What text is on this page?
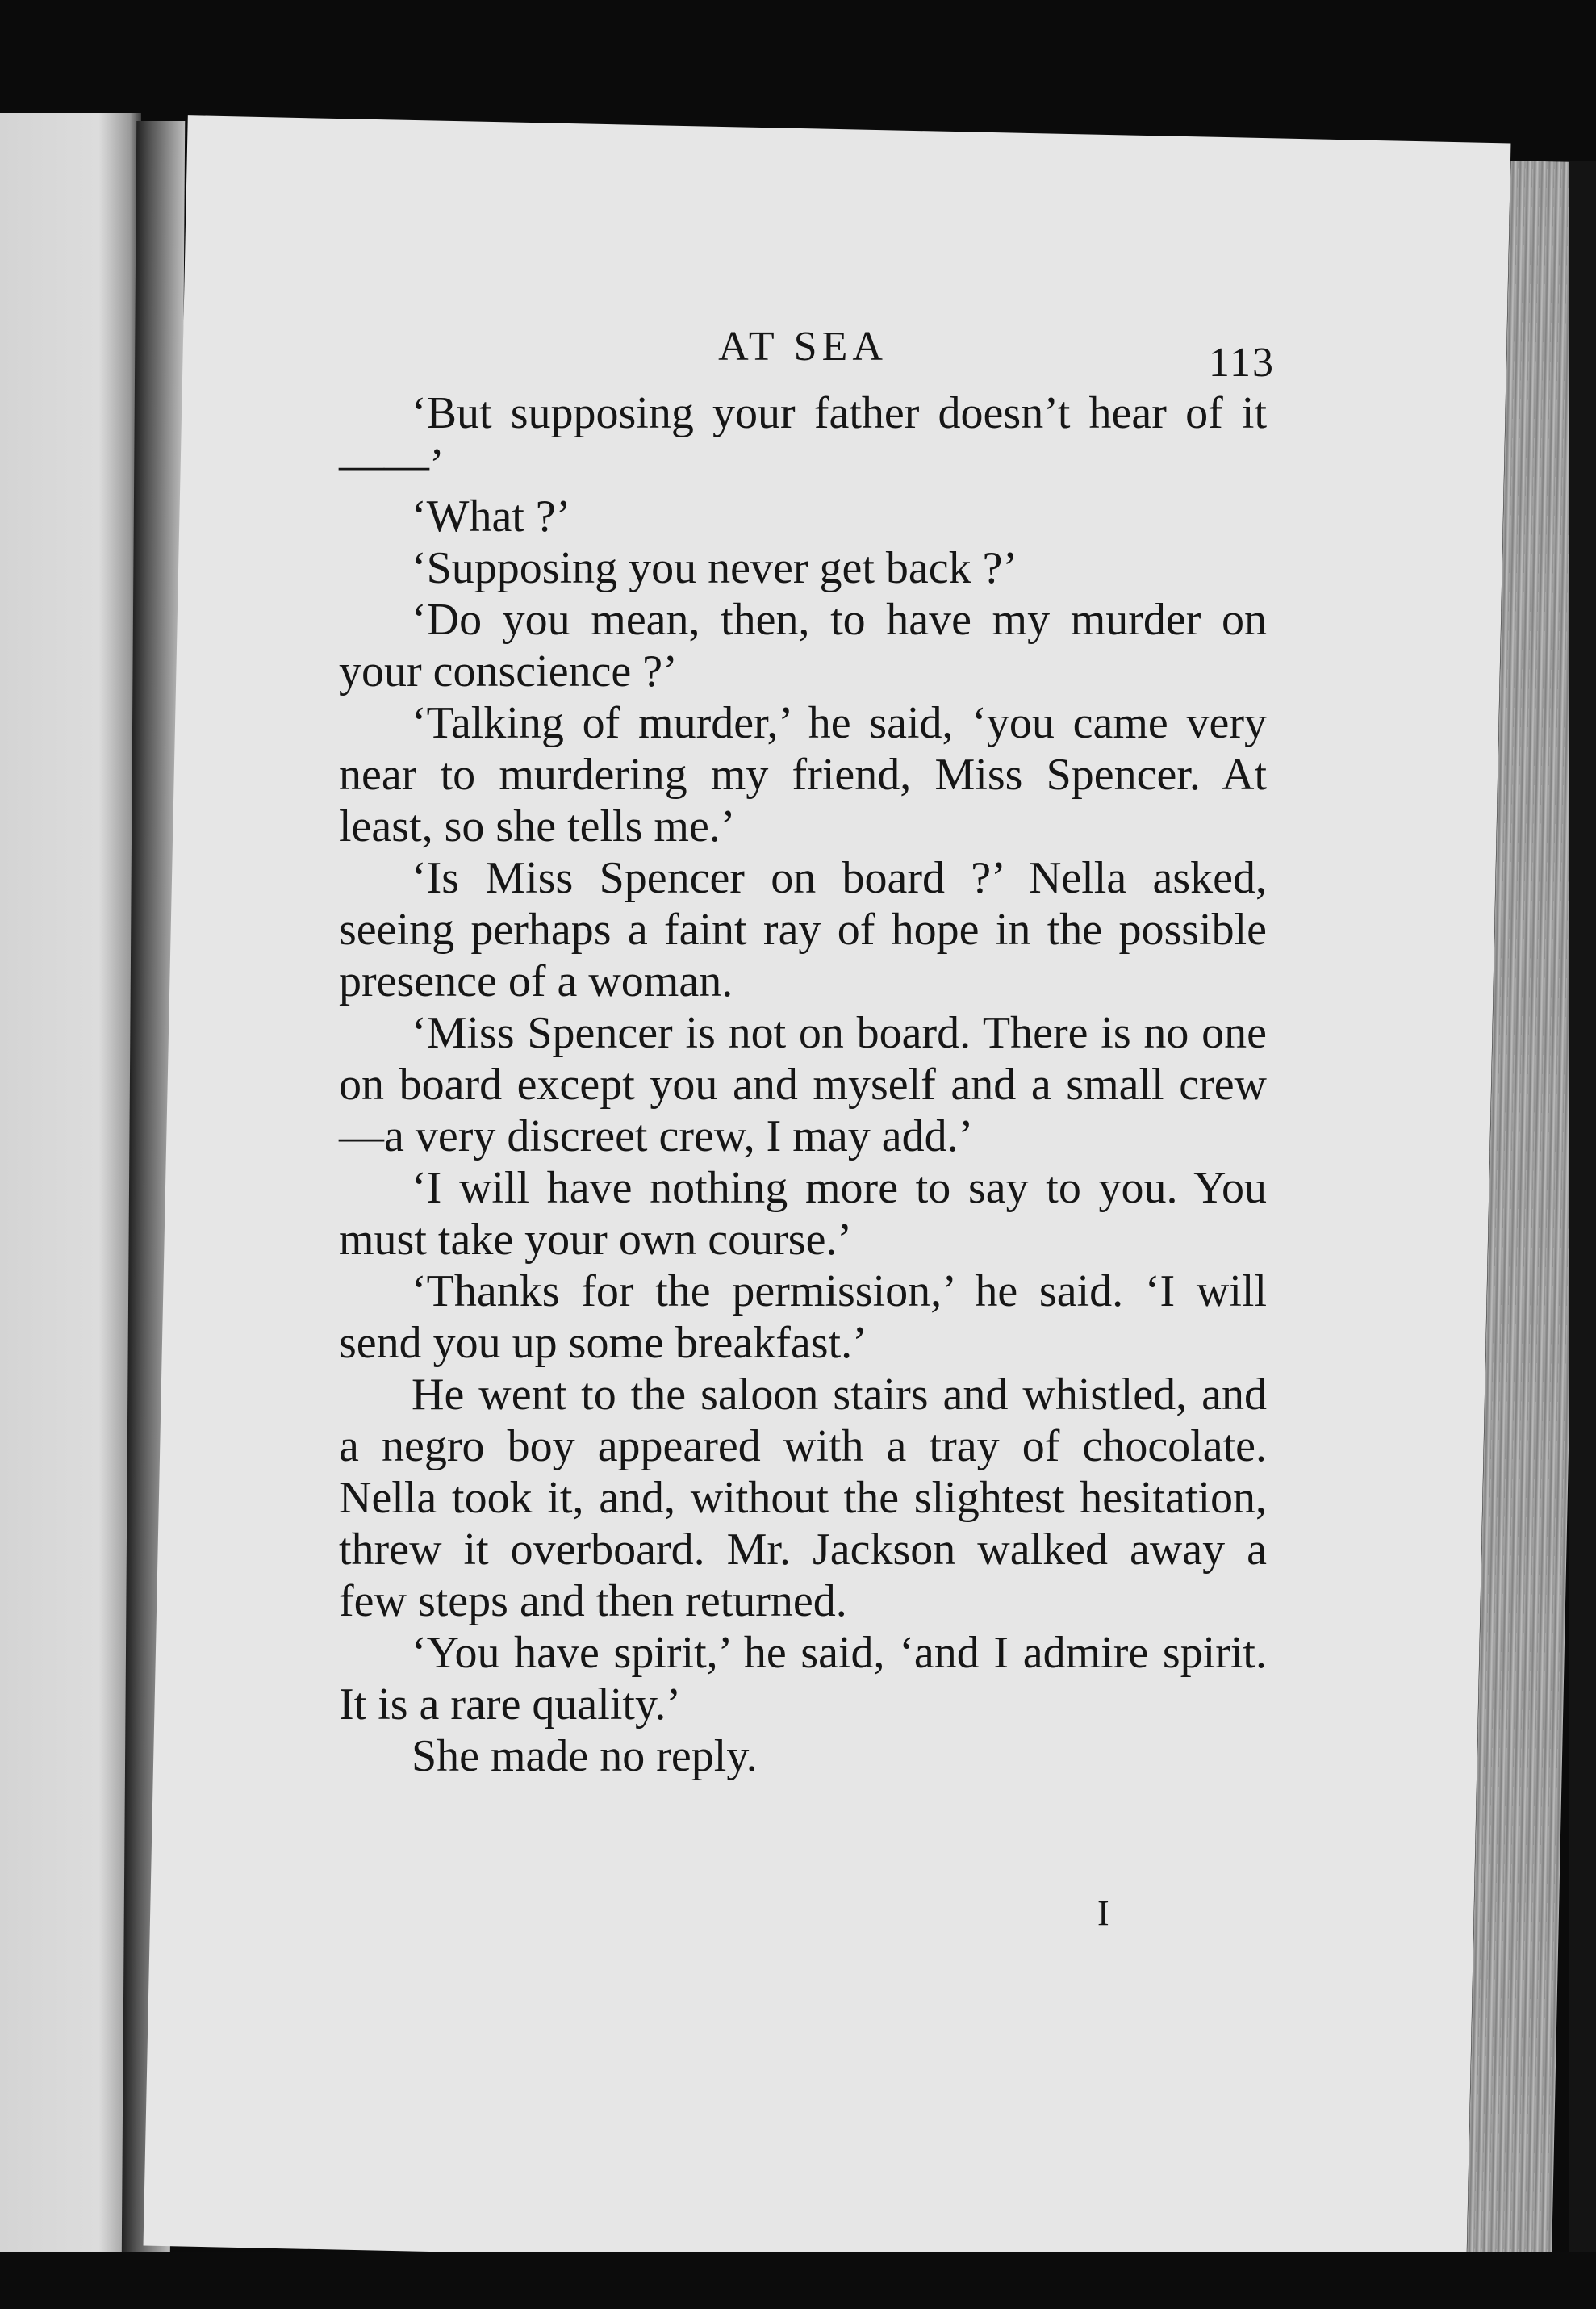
AT SEA	113

‘But supposing your father doesn’t hear of it——’

‘What ?’

‘Supposing you never get back ?’

‘Do you mean, then, to have my murder on your conscience ?’

‘Talking of murder,’ he said, ‘you came very near to murdering my friend, Miss Spencer. At least, so she tells me.’

‘Is Miss Spencer on board ?’ Nella asked, seeing perhaps a faint ray of hope in the possible presence of a woman.

‘Miss Spencer is not on board. There is no one on board except you and myself and a small crew—a very discreet crew, I may add.’

‘I will have nothing more to say to you. You must take your own course.’

‘Thanks for the permission,’ he said. ‘I will send you up some breakfast.’

He went to the saloon stairs and whistled, and a negro boy appeared with a tray of chocolate. Nella took it, and, without the slightest hesitation, threw it overboard. Mr. Jackson walked away a few steps and then returned.

‘You have spirit,’ he said, ‘and I admire spirit. It is a rare quality.’

She made no reply.

I
